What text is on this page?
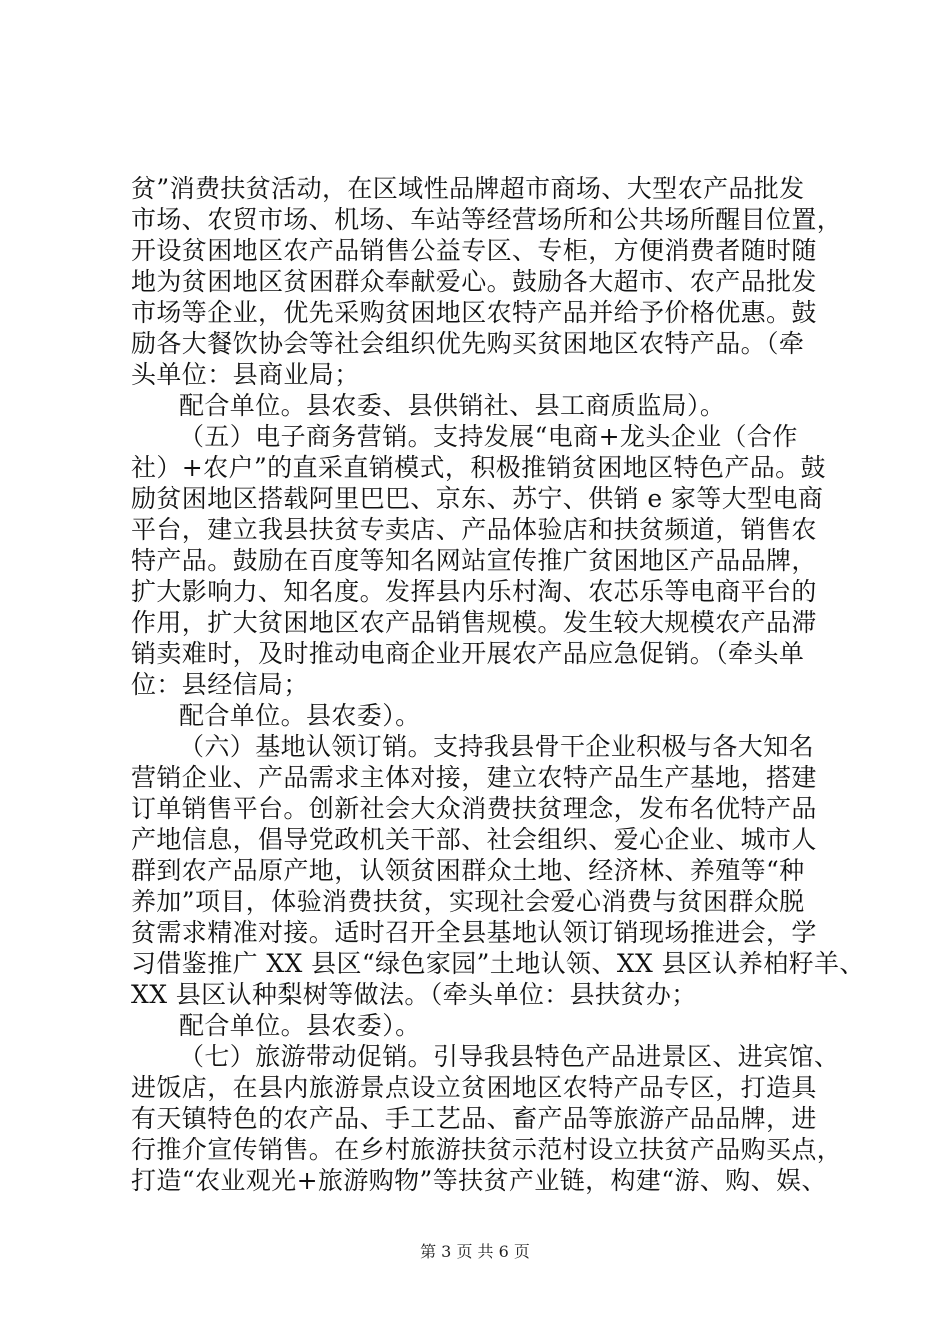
贫”消费扶贫活动，在区域性品牌超市商场、大型农产品批发
市场、农贸市场、机场、车站等经营场所和公共场所醒目位置，
开设贫困地区农产品销售公益专区、专柜，方便消费者随时随
地为贫困地区贫困群众奉献爱心。鼓励各大超市、农产品批发
市场等企业，优先采购贫困地区农特产品并给予价格优惠。鼓
励各大餐饮协会等社会组织优先购买贫困地区农特产品。（牵
头单位：县商业局；
配合单位。县农委、县供销社、县工商质监局）。
（五）电子商务营销。支持发展“电商+龙头企业（合作
社）+农户”的直采直销模式，积极推销贫困地区特色产品。鼓
励贫困地区搭载阿里巴巴、京东、苏宁、供销 e 家等大型电商
平台，建立我县扶贫专卖店、产品体验店和扶贫频道，销售农
特产品。鼓励在百度等知名网站宣传推广贫困地区产品品牌，
扩大影响力、知名度。发挥县内乐村淘、农芯乐等电商平台的
作用，扩大贫困地区农产品销售规模。发生较大规模农产品滞
销卖难时，及时推动电商企业开展农产品应急促销。（牵头单
位：县经信局；
配合单位。县农委）。
（六）基地认领订销。支持我县骨干企业积极与各大知名
营销企业、产品需求主体对接，建立农特产品生产基地，搭建
订单销售平台。创新社会大众消费扶贫理念，发布名优特产品
产地信息，倡导党政机关干部、社会组织、爱心企业、城市人
群到农产品原产地，认领贫困群众土地、经济林、养殖等“种
养加”项目，体验消费扶贫，实现社会爱心消费与贫困群众脱
贫需求精准对接。适时召开全县基地认领订销现场推进会，学
习借鉴推广 XX 县区“绿色家园”土地认领、XX 县区认养柏籽羊、
XX 县区认种梨树等做法。（牵头单位：县扶贫办；
配合单位。县农委）。
（七）旅游带动促销。引导我县特色产品进景区、进宾馆、
进饭店，在县内旅游景点设立贫困地区农特产品专区，打造具
有天镇特色的农产品、手工艺品、畜产品等旅游产品品牌，进
行推介宣传销售。在乡村旅游扶贫示范村设立扶贫产品购买点，
打造“农业观光+旅游购物”等扶贫产业链，构建“游、购、娱、
第 3 页 共 6 页
